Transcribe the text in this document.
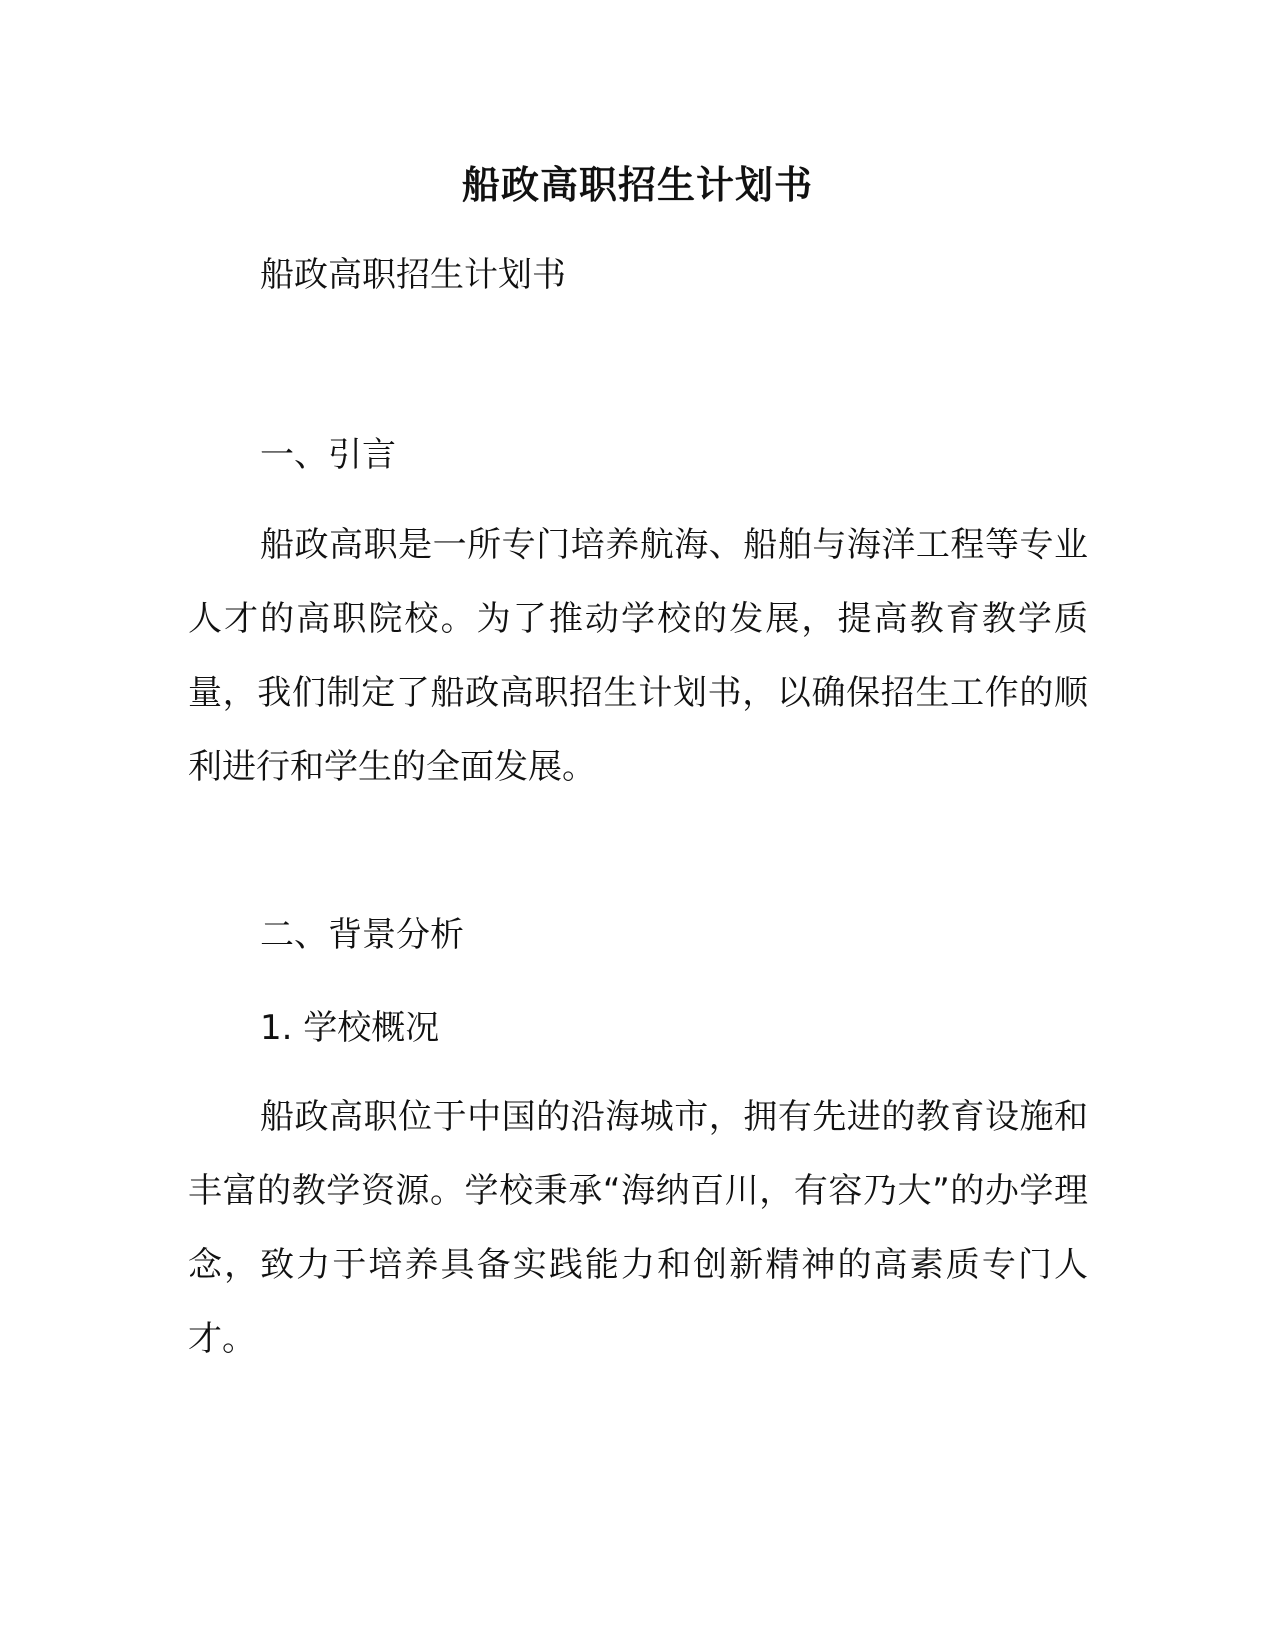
船政高职招生计划书
船政高职招生计划书
一、引言

船政高职是一所专门培养航海、船舶与海洋工程等专业人才的高职院校。为了推动学校的发展，提高教育教学质量，我们制定了船政高职招生计划书，以确保招生工作的顺利进行和学生的全面发展。

二、背景分析
1. 学校概况

船政高职位于中国的沿海城市，拥有先进的教育设施和丰富的教学资源。学校秉承“海纳百川，有容乃大”的办学理念，致力于培养具备实践能力和创新精神的高素质专门人才。
